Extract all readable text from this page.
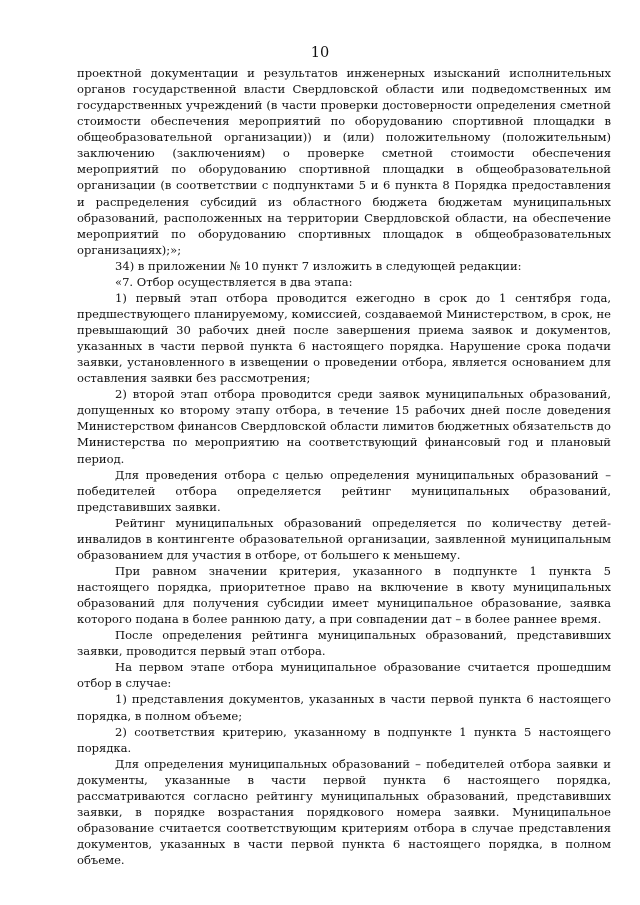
10

проектной документации и результатов инженерных изысканий исполнительных органов государственной власти Свердловской области или подведомственных им государственных учреждений (в части проверки достоверности определения сметной стоимости обеспечения мероприятий по оборудованию спортивной площадки в общеобразовательной организации)) и (или) положительному (положительным) заключению (заключениям) о проверке сметной стоимости обеспечения мероприятий по оборудованию спортивной площадки в общеобразовательной организации (в соответствии с подпунктами 5 и 6 пункта 8 Порядка предоставления и распределения субсидий из областного бюджета бюджетам муниципальных образований, расположенных на территории Свердловской области, на обеспечение мероприятий по оборудованию спортивных площадок в общеобразовательных организациях);»;

34) в приложении № 10 пункт 7 изложить в следующей редакции:

«7. Отбор осуществляется в два этапа:

1) первый этап отбора проводится ежегодно в срок до 1 сентября года, предшествующего планируемому, комиссией, создаваемой Министерством, в срок, не превышающий 30 рабочих дней после завершения приема заявок и документов, указанных в части первой пункта 6 настоящего порядка. Нарушение срока подачи заявки, установленного в извещении о проведении отбора, является основанием для оставления заявки без рассмотрения;

2) второй этап отбора проводится среди заявок муниципальных образований, допущенных ко второму этапу отбора, в течение 15 рабочих дней после доведения Министерством финансов Свердловской области лимитов бюджетных обязательств до Министерства по мероприятию на соответствующий финансовый год и плановый период.

Для проведения отбора с целью определения муниципальных образований – победителей отбора определяется рейтинг муниципальных образований, представивших заявки.

Рейтинг муниципальных образований определяется по количеству детей-инвалидов в контингенте образовательной организации, заявленной муниципальным образованием для участия в отборе, от большего к меньшему.

При равном значении критерия, указанного в подпункте 1 пункта 5 настоящего порядка, приоритетное право на включение в квоту муниципальных образований для получения субсидии имеет муниципальное образование, заявка которого подана в более раннюю дату, а при совпадении дат – в более раннее время.

После определения рейтинга муниципальных образований, представивших заявки, проводится первый этап отбора.

На первом этапе отбора муниципальное образование считается прошедшим отбор в случае:

1) представления документов, указанных в части первой пункта 6 настоящего порядка, в полном объеме;

2) соответствия критерию, указанному в подпункте 1 пункта 5 настоящего порядка.

Для определения муниципальных образований – победителей отбора заявки и документы, указанные в части первой пункта 6 настоящего порядка, рассматриваются согласно рейтингу муниципальных образований, представивших заявки, в порядке возрастания порядкового номера заявки. Муниципальное образование считается соответствующим критериям отбора в случае представления документов, указанных в части первой пункта 6 настоящего порядка, в полном объеме.
